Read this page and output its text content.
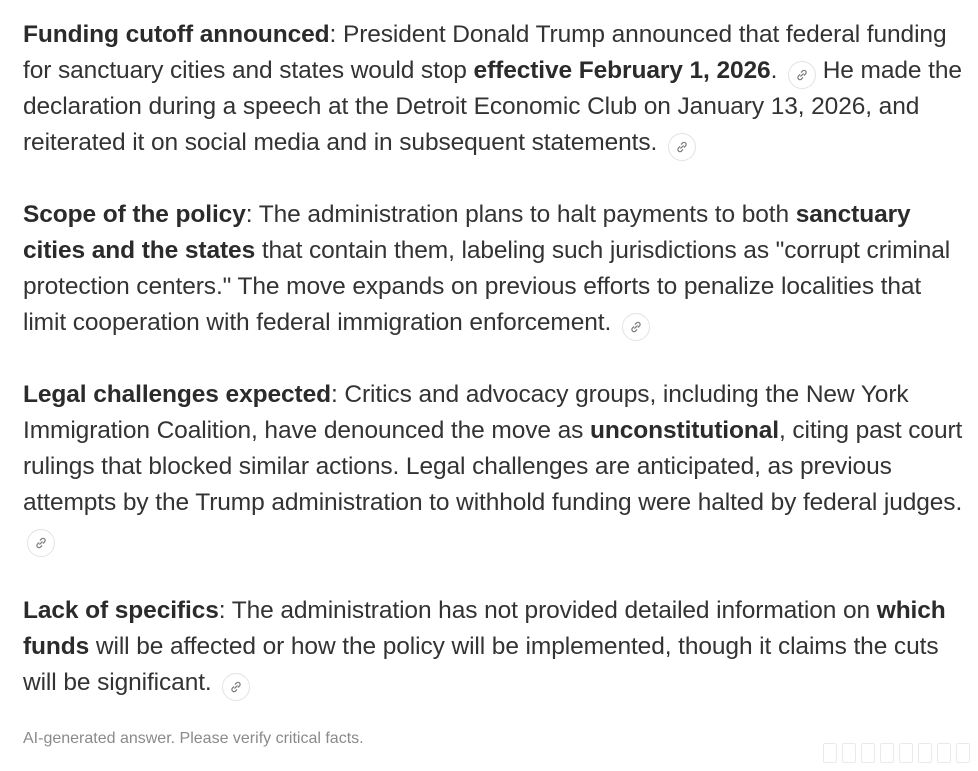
Funding cutoff announced: President Donald Trump announced that federal funding for sanctuary cities and states would stop effective February 1, 2026. He made the declaration during a speech at the Detroit Economic Club on January 13, 2026, and reiterated it on social media and in subsequent statements.

Scope of the policy: The administration plans to halt payments to both sanctuary cities and the states that contain them, labeling such jurisdictions as "corrupt criminal protection centers." The move expands on previous efforts to penalize localities that limit cooperation with federal immigration enforcement.

Legal challenges expected: Critics and advocacy groups, including the New York Immigration Coalition, have denounced the move as unconstitutional, citing past court rulings that blocked similar actions. Legal challenges are anticipated, as previous attempts by the Trump administration to withhold funding were halted by federal judges.

Lack of specifics: The administration has not provided detailed information on which funds will be affected or how the policy will be implemented, though it claims the cuts will be significant.

AI-generated answer. Please verify critical facts.
